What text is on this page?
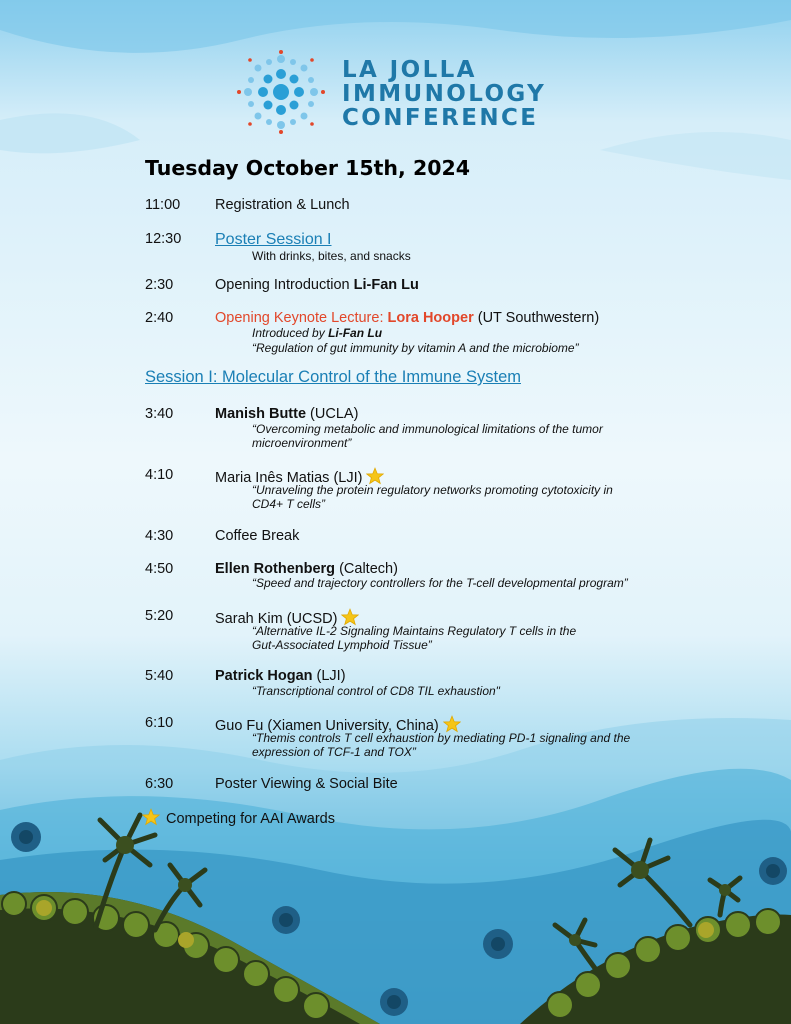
LA JOLLA
IMMUNOLOGY
CONFERENCE
Tuesday October 15th, 2024
11:00 Registration & Lunch
12:30 Poster Session I
With drinks, bites, and snacks
2:30	Opening Introduction Li-Fan Lu
2:40	Opening Keynote Lecture: Lora Hooper (UT Southwestern)
Introduced by Li-Fan Lu
“Regulation of gut immunity by vitamin A and the microbiome”
Session I: Molecular Control of the Immune System
3:40	Manish Butte (UCLA)
“Overcoming metabolic and immunological limitations of the tumor
microenvironment”
4:10	Maria Inês Matias (LJI)
“Unraveling the protein regulatory networks promoting cytotoxicity in
CD4+ T cells”
4:30	Coffee Break
4:50	Ellen Rothenberg (Caltech)
“Speed and trajectory controllers for the T-cell developmental program”
5:20	Sarah Kim (UCSD)
“Alternative IL-2 Signaling Maintains Regulatory T cells in the
Gut-Associated Lymphoid Tissue”
5:40	Patrick Hogan (LJI)
“Transcriptional control of CD8 TIL exhaustion"
6:10	Guo Fu (Xiamen University, China)
“Themis controls T cell exhaustion by mediating PD-1 signaling and the
expression of TCF-1 and TOX”
6:30	Poster Viewing & Social Bite
Competing for AAI Awards
